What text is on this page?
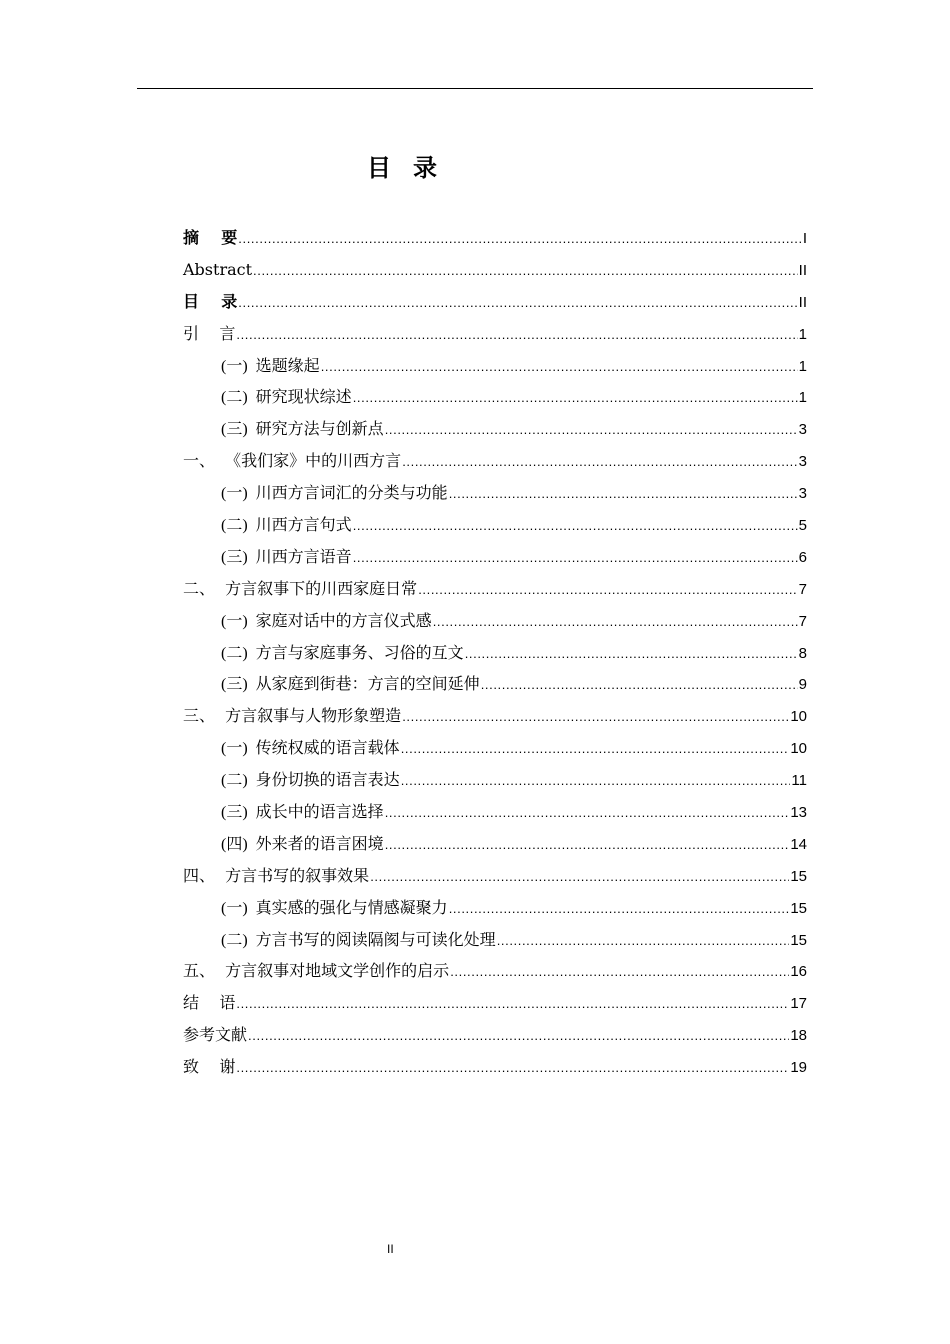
目录
摘    要 .....	I
Abstract .....	II
目    录 .....	II
引    言 .....	1
(一) 选题缘起 .....	1
(二) 研究现状综述 .....	1
(三) 研究方法与创新点 .....	3
一、  《我们家》中的川西方言 .....	3
(一) 川西方言词汇的分类与功能 .....	3
(二) 川西方言句式 .....	5
(三) 川西方言语音 .....	6
二、  方言叙事下的川西家庭日常 .....	7
(一) 家庭对话中的方言仪式感 .....	7
(二) 方言与家庭事务、习俗的互文 .....	8
(三) 从家庭到街巷：方言的空间延伸 .....	9
三、  方言叙事与人物形象塑造 .....	10
(一) 传统权威的语言载体 .....	10
(二) 身份切换的语言表达 .....	11
(三) 成长中的语言选择 .....	13
(四) 外来者的语言困境 .....	14
四、  方言书写的叙事效果 .....	15
(一) 真实感的强化与情感凝聚力 .....	15
(二) 方言书写的阅读隔阂与可读化处理 .....	15
五、  方言叙事对地域文学创作的启示 .....	16
结    语 .....	17
参考文献 .....	18
致    谢 .....	19
II
